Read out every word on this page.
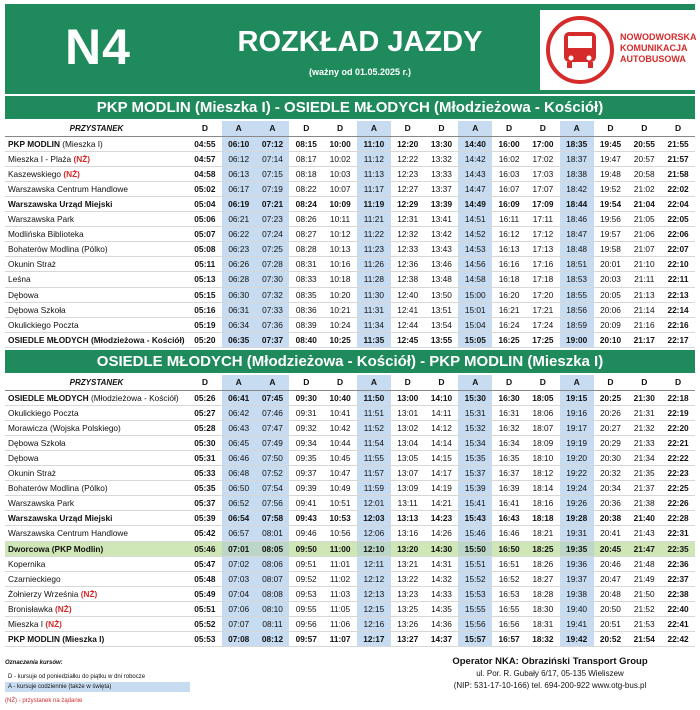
N4	ROZKŁAD JAZDY
(ważny od 01.05.2025 r.)
NOWODWORSKA
KOMUNIKACJA
AUTOBUSOWA
PKP MODLIN (Mieszka I) - OSIEDLE MŁODYCH (Młodzieżowa - Kościół)
PRZYSTANEK	D	A	A	D	D	A	D	D	A	D	D	A	D	D	D
PKP MODLIN (Mieszka I)	04:55	06:10	07:12	08:15	10:00	11:10	12:20	13:30	14:40	16:00	17:00	18:35	19:45	20:55	21:55
Mieszka I - Plaża (NŻ)	04:57	06:12	07:14	08:17	10:02	11:12	12:22	13:32	14:42	16:02	17:02	18:37	19:47	20:57	21:57
Kaszewskiego (NŻ)	04:58	06:13	07:15	08:18	10:03	11:13	12:23	13:33	14:43	16:03	17:03	18:38	19:48	20:58	21:58
Warszawska Centrum Handlowe	05:02	06:17	07:19	08:22	10:07	11:17	12:27	13:37	14:47	16:07	17:07	18:42	19:52	21:02	22:02
Warszawska Urząd Miejski	05:04	06:19	07:21	08:24	10:09	11:19	12:29	13:39	14:49	16:09	17:09	18:44	19:54	21:04	22:04
Warszawska Park	05:06	06:21	07:23	08:26	10:11	11:21	12:31	13:41	14:51	16:11	17:11	18:46	19:56	21:05	22:05
Modlińska Biblioteka	05:07	06:22	07:24	08:27	10:12	11:22	12:32	13:42	14:52	16:12	17:12	18:47	19:57	21:06	22:06
Bohaterów Modlina (Pólko)	05:08	06:23	07:25	08:28	10:13	11:23	12:33	13:43	14:53	16:13	17:13	18:48	19:58	21:07	22:07
Okunin Straż	05:11	06:26	07:28	08:31	10:16	11:26	12:36	13:46	14:56	16:16	17:16	18:51	20:01	21:10	22:10
Leśna	05:13	06:28	07:30	08:33	10:18	11:28	12:38	13:48	14:58	16:18	17:18	18:53	20:03	21:11	22:11
Dębowa	05:15	06:30	07:32	08:35	10:20	11:30	12:40	13:50	15:00	16:20	17:20	18:55	20:05	21:13	22:13
Dębowa Szkoła	05:16	06:31	07:33	08:36	10:21	11:31	12:41	13:51	15:01	16:21	17:21	18:56	20:06	21:14	22:14
Okulickiego Poczta	05:19	06:34	07:36	08:39	10:24	11:34	12:44	13:54	15:04	16:24	17:24	18:59	20:09	21:16	22:16
OSIEDLE MŁODYCH (Młodzieżowa - Kościół)	05:20	06:35	07:37	08:40	10:25	11:35	12:45	13:55	15:05	16:25	17:25	19:00	20:10	21:17	22:17
OSIEDLE MŁODYCH (Młodzieżowa - Kościół) - PKP MODLIN (Mieszka I)
PRZYSTANEK	D	A	A	D	D	A	D	D	A	D	D	A	D	D	D
OSIEDLE MŁODYCH (Młodzieżowa - Kościół)	05:26	06:41	07:45	09:30	10:40	11:50	13:00	14:10	15:30	16:30	18:05	19:15	20:25	21:30	22:18
Okulickiego Poczta	05:27	06:42	07:46	09:31	10:41	11:51	13:01	14:11	15:31	16:31	18:06	19:16	20:26	21:31	22:19
Morawicza (Wojska Polskiego)	05:28	06:43	07:47	09:32	10:42	11:52	13:02	14:12	15:32	16:32	18:07	19:17	20:27	21:32	22:20
Dębowa Szkoła	05:30	06:45	07:49	09:34	10:44	11:54	13:04	14:14	15:34	16:34	18:09	19:19	20:29	21:33	22:21
Dębowa	05:31	06:46	07:50	09:35	10:45	11:55	13:05	14:15	15:35	16:35	18:10	19:20	20:30	21:34	22:22
Okunin Straż	05:33	06:48	07:52	09:37	10:47	11:57	13:07	14:17	15:37	16:37	18:12	19:22	20:32	21:35	22:23
Bohaterów Modlina (Pólko)	05:35	06:50	07:54	09:39	10:49	11:59	13:09	14:19	15:39	16:39	18:14	19:24	20:34	21:37	22:25
Warszawska Park	05:37	06:52	07:56	09:41	10:51	12:01	13:11	14:21	15:41	16:41	18:16	19:26	20:36	21:38	22:26
Warszawska Urząd Miejski	05:39	06:54	07:58	09:43	10:53	12:03	13:13	14:23	15:43	16:43	18:18	19:28	20:38	21:40	22:28
Warszawska Centrum Handlowe	05:42	06:57	08:01	09:46	10:56	12:06	13:16	14:26	15:46	16:46	18:21	19:31	20:41	21:43	22:31
Dworcowa (PKP Modlin)	05:46	07:01	08:05	09:50	11:00	12:10	13:20	14:30	15:50	16:50	18:25	19:35	20:45	21:47	22:35
Kopernika	05:47	07:02	08:06	09:51	11:01	12:11	13:21	14:31	15:51	16:51	18:26	19:36	20:46	21:48	22:36
Czarnieckiego	05:48	07:03	08:07	09:52	11:02	12:12	13:22	14:32	15:52	16:52	18:27	19:37	20:47	21:49	22:37
Żołnierzy Września (NŻ)	05:49	07:04	08:08	09:53	11:03	12:13	13:23	14:33	15:53	16:53	18:28	19:38	20:48	21:50	22:38
Bronisławka (NŻ)	05:51	07:06	08:10	09:55	11:05	12:15	13:25	14:35	15:55	16:55	18:30	19:40	20:50	21:52	22:40
Mieszka I (NŻ)	05:52	07:07	08:11	09:56	11:06	12:16	13:26	14:36	15:56	16:56	18:31	19:41	20:51	21:53	22:41
PKP MODLIN (Mieszka I)	05:53	07:08	08:12	09:57	11:07	12:17	13:27	14:37	15:57	16:57	18:32	19:42	20:52	21:54	22:42
Oznaczenia kursów:
D - kursuje od poniedziałku do piątku w dni robocze
A - kursuje codziennie (także w święta)
(NŻ) - przystanek na żądanie
Operator NKA: Obraziński Transport Group
ul. Por. R. Gubały 6/17, 05-135 Wieliszew
(NIP: 531-17-10-166) tel. 694-200-922 www.otg-bus.pl
